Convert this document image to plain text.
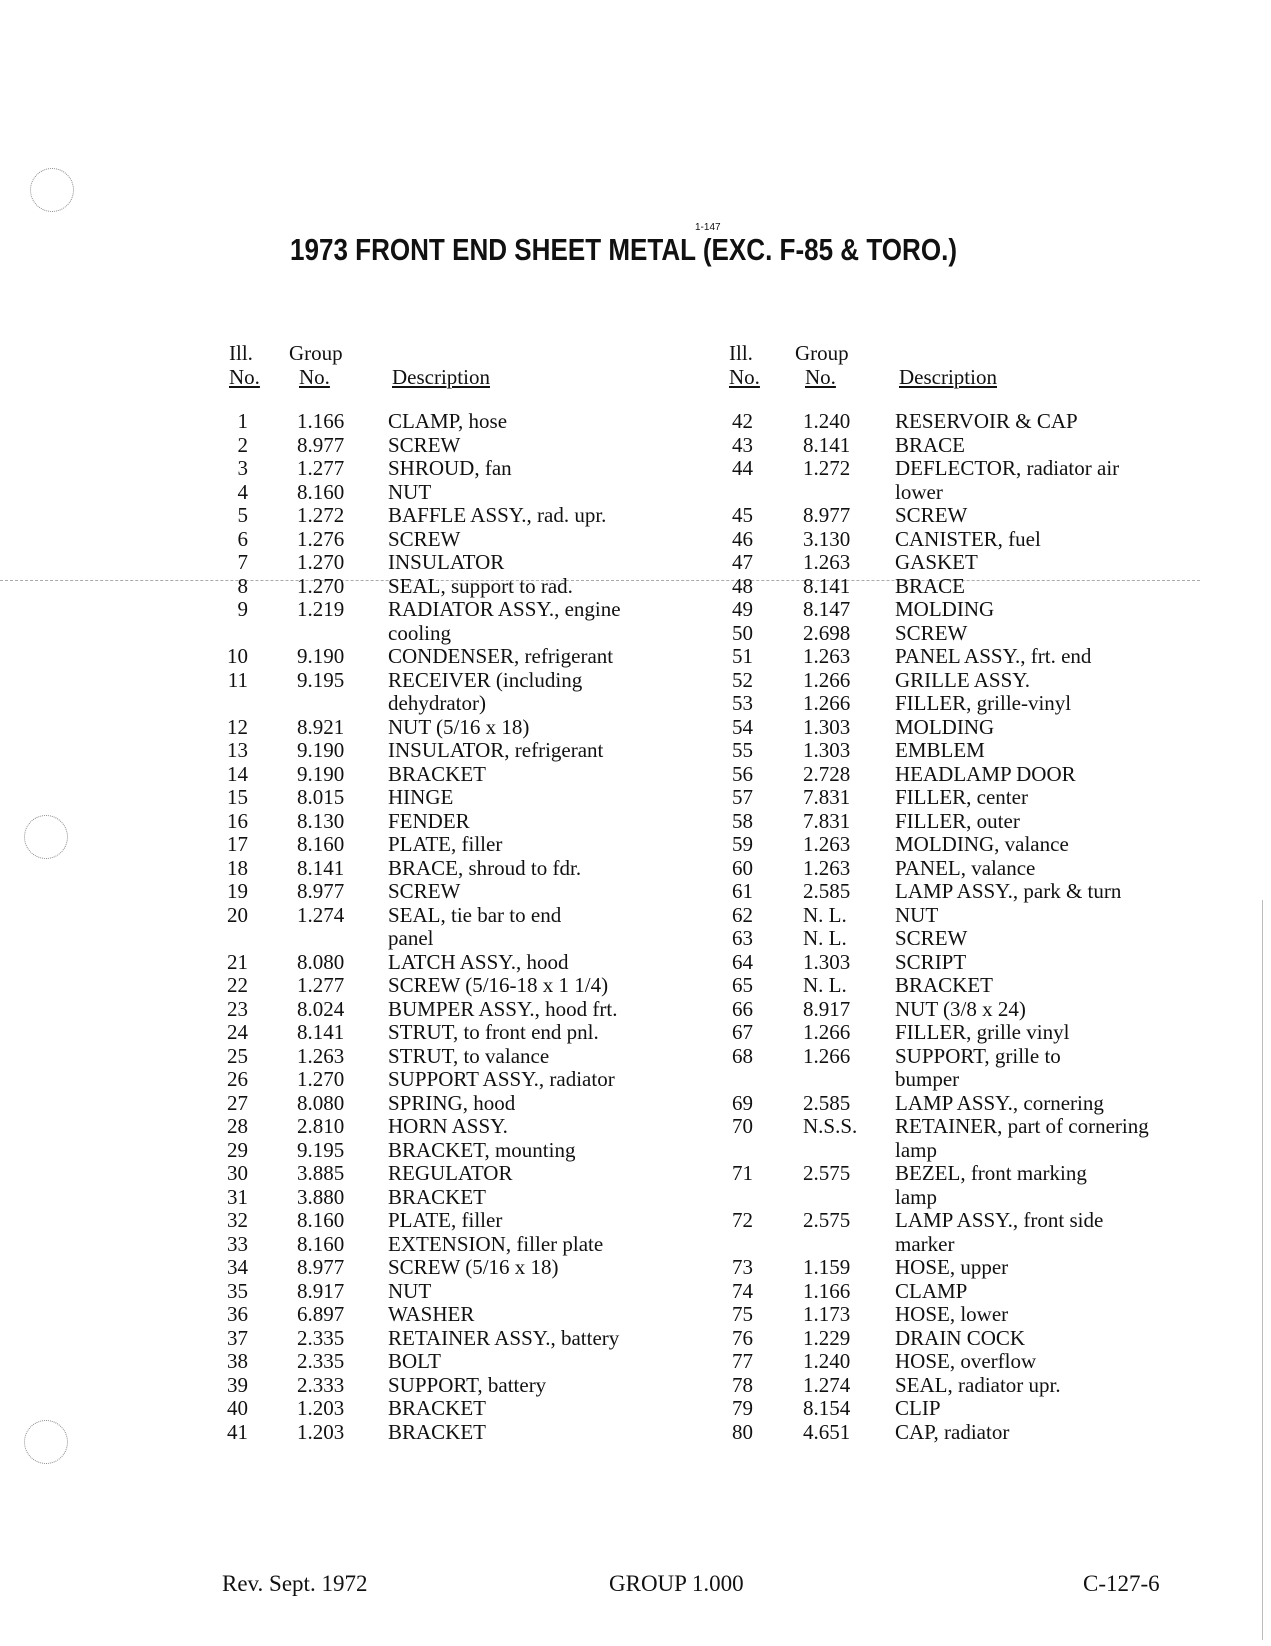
1-147
1973 FRONT END SHEET METAL (EXC. F-85 & TORO.)
Ill.
No.
Group
No.	Description
Ill.
No.
Group
No.	Description
1 1.166 CLAMP, hose
2 8.977 SCREW
3 1.277 SHROUD, fan
4 8.160 NUT
5 1.272 BAFFLE ASSY., rad. upr.
6 1.276 SCREW
7 1.270 INSULATOR
8 1.270 SEAL, support to rad.
9 1.219 RADIATOR ASSY., engine
cooling
10 9.190 CONDENSER, refrigerant
11 9.195 RECEIVER (including
dehydrator)
12 8.921 NUT (5/16 x 18)
13 9.190 INSULATOR, refrigerant
14 9.190 BRACKET
15 8.015 HINGE
16 8.130 FENDER
17 8.160 PLATE, filler
18 8.141 BRACE, shroud to fdr.
19 8.977 SCREW
20 1.274 SEAL, tie bar to end
panel
21 8.080 LATCH ASSY., hood
22 1.277 SCREW (5/16-18 x 1 1/4)
23 8.024 BUMPER ASSY., hood frt.
24 8.141 STRUT, to front end pnl.
25 1.263 STRUT, to valance
26 1.270 SUPPORT ASSY., radiator
27 8.080 SPRING, hood
28 2.810 HORN ASSY.
29 9.195 BRACKET, mounting
30 3.885 REGULATOR
31 3.880 BRACKET
32 8.160 PLATE, filler
33 8.160 EXTENSION, filler plate
34 8.977 SCREW (5/16 x 18)
35 8.917 NUT
36 6.897 WASHER
37 2.335 RETAINER ASSY., battery
38 2.335 BOLT
39 2.333 SUPPORT, battery
40 1.203 BRACKET
41 1.203 BRACKET
42 1.240 RESERVOIR & CAP
43 8.141 BRACE
44 1.272 DEFLECTOR, radiator air
lower
45 8.977 SCREW
46 3.130 CANISTER, fuel
47 1.263 GASKET
48 8.141 BRACE
49 8.147 MOLDING
50 2.698 SCREW
51 1.263 PANEL ASSY., frt. end
52 1.266 GRILLE ASSY.
53 1.266 FILLER, grille-vinyl
54 1.303 MOLDING
55 1.303 EMBLEM
56 2.728 HEADLAMP DOOR
57 7.831 FILLER, center
58 7.831 FILLER, outer
59 1.263 MOLDING, valance
60 1.263 PANEL, valance
61 2.585 LAMP ASSY., park & turn
62 N. L. NUT
63 N. L. SCREW
64 1.303 SCRIPT
65 N. L. BRACKET
66 8.917 NUT (3/8 x 24)
67 1.266 FILLER, grille vinyl
68 1.266 SUPPORT, grille to
bumper
69 2.585 LAMP ASSY., cornering
70 N.S.S. RETAINER, part of cornering
lamp
71 2.575 BEZEL, front marking
lamp
72 2.575 LAMP ASSY., front side
marker
73 1.159 HOSE, upper
74 1.166 CLAMP
75 1.173 HOSE, lower
76 1.229 DRAIN COCK
77 1.240 HOSE, overflow
78 1.274 SEAL, radiator upr.
79 8.154 CLIP
80 4.651 CAP, radiator
Rev. Sept. 1972	GROUP 1.000	C-127-6
